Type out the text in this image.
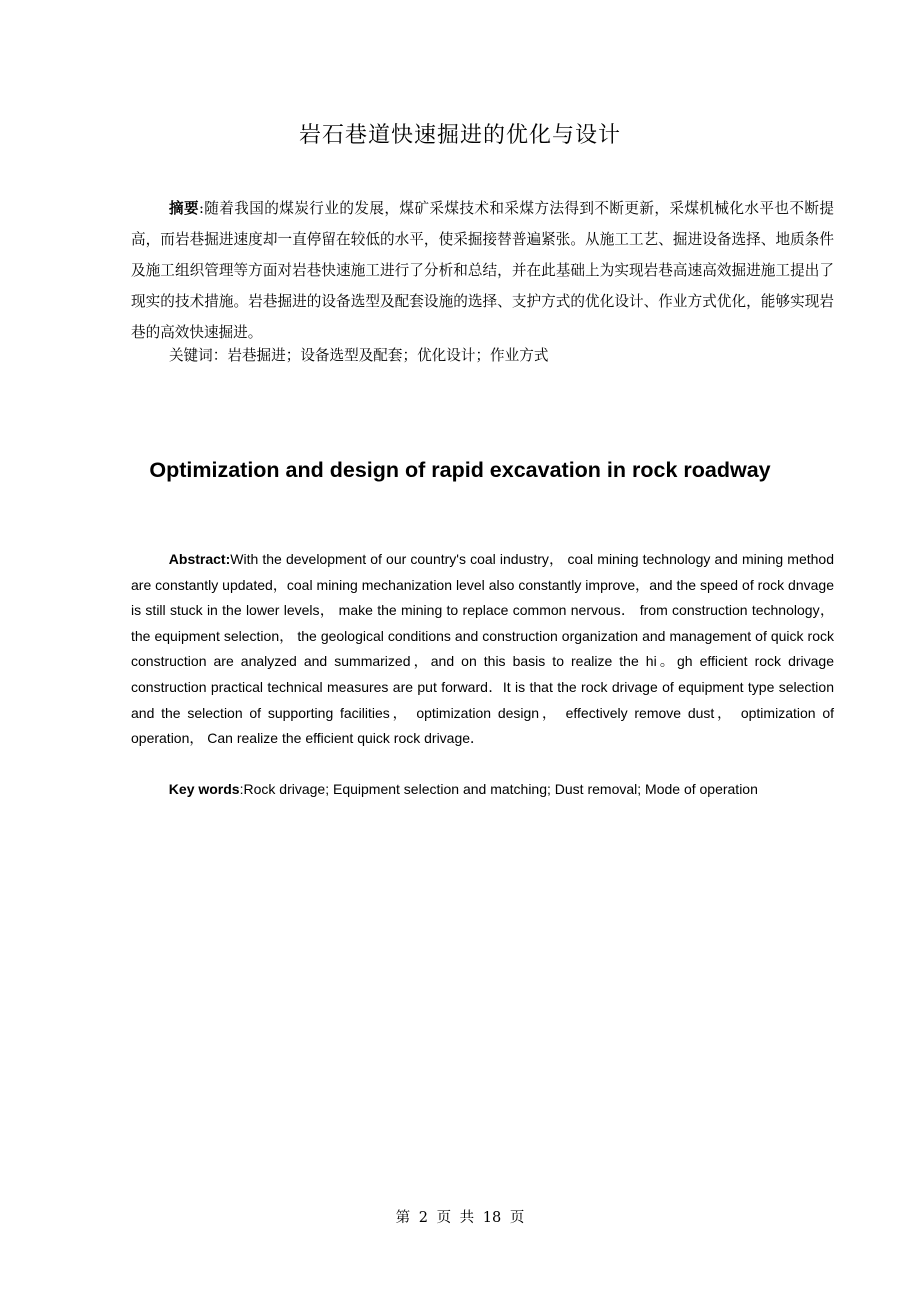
岩石巷道快速掘进的优化与设计

摘要:随着我国的煤炭行业的发展，煤矿采煤技术和采煤方法得到不断更新，采煤机械化水平也不断提高，而岩巷掘进速度却一直停留在较低的水平，使采掘接替普遍紧张。从施工工艺、掘进设备选择、地质条件及施工组织管理等方面对岩巷快速施工进行了分析和总结，并在此基础上为实现岩巷高速高效掘进施工提出了现实的技术措施。岩巷掘进的设备选型及配套设施的选择、支护方式的优化设计、作业方式优化，能够实现岩巷的高效快速掘进。

关键词：岩巷掘进；设备选型及配套；优化设计；作业方式

Optimization and design of rapid excavation in rock roadway

Abstract:With the development of our country's coal industry， coal mining technology and mining method are constantly updated，coal mining mechanization level also constantly improve，and the speed of rock dnvage is still stuck in the lower levels， make the mining to replace common nervous． from construction technology， the equipment selection， the geological conditions and construction organization and management of quick rock construction are analyzed and summarized，and on this basis to realize the hi。gh efficient rock drivage construction practical technical measures are put forward．It is that the rock drivage of equipment type selection and the selection of supporting facilities， optimization design， effectively remove dust， optimization of operation， Can realize the efficient quick rock drivage．

Key words:Rock drivage; Equipment selection and matching; Dust removal; Mode of operation

第 2 页 共 18 页
